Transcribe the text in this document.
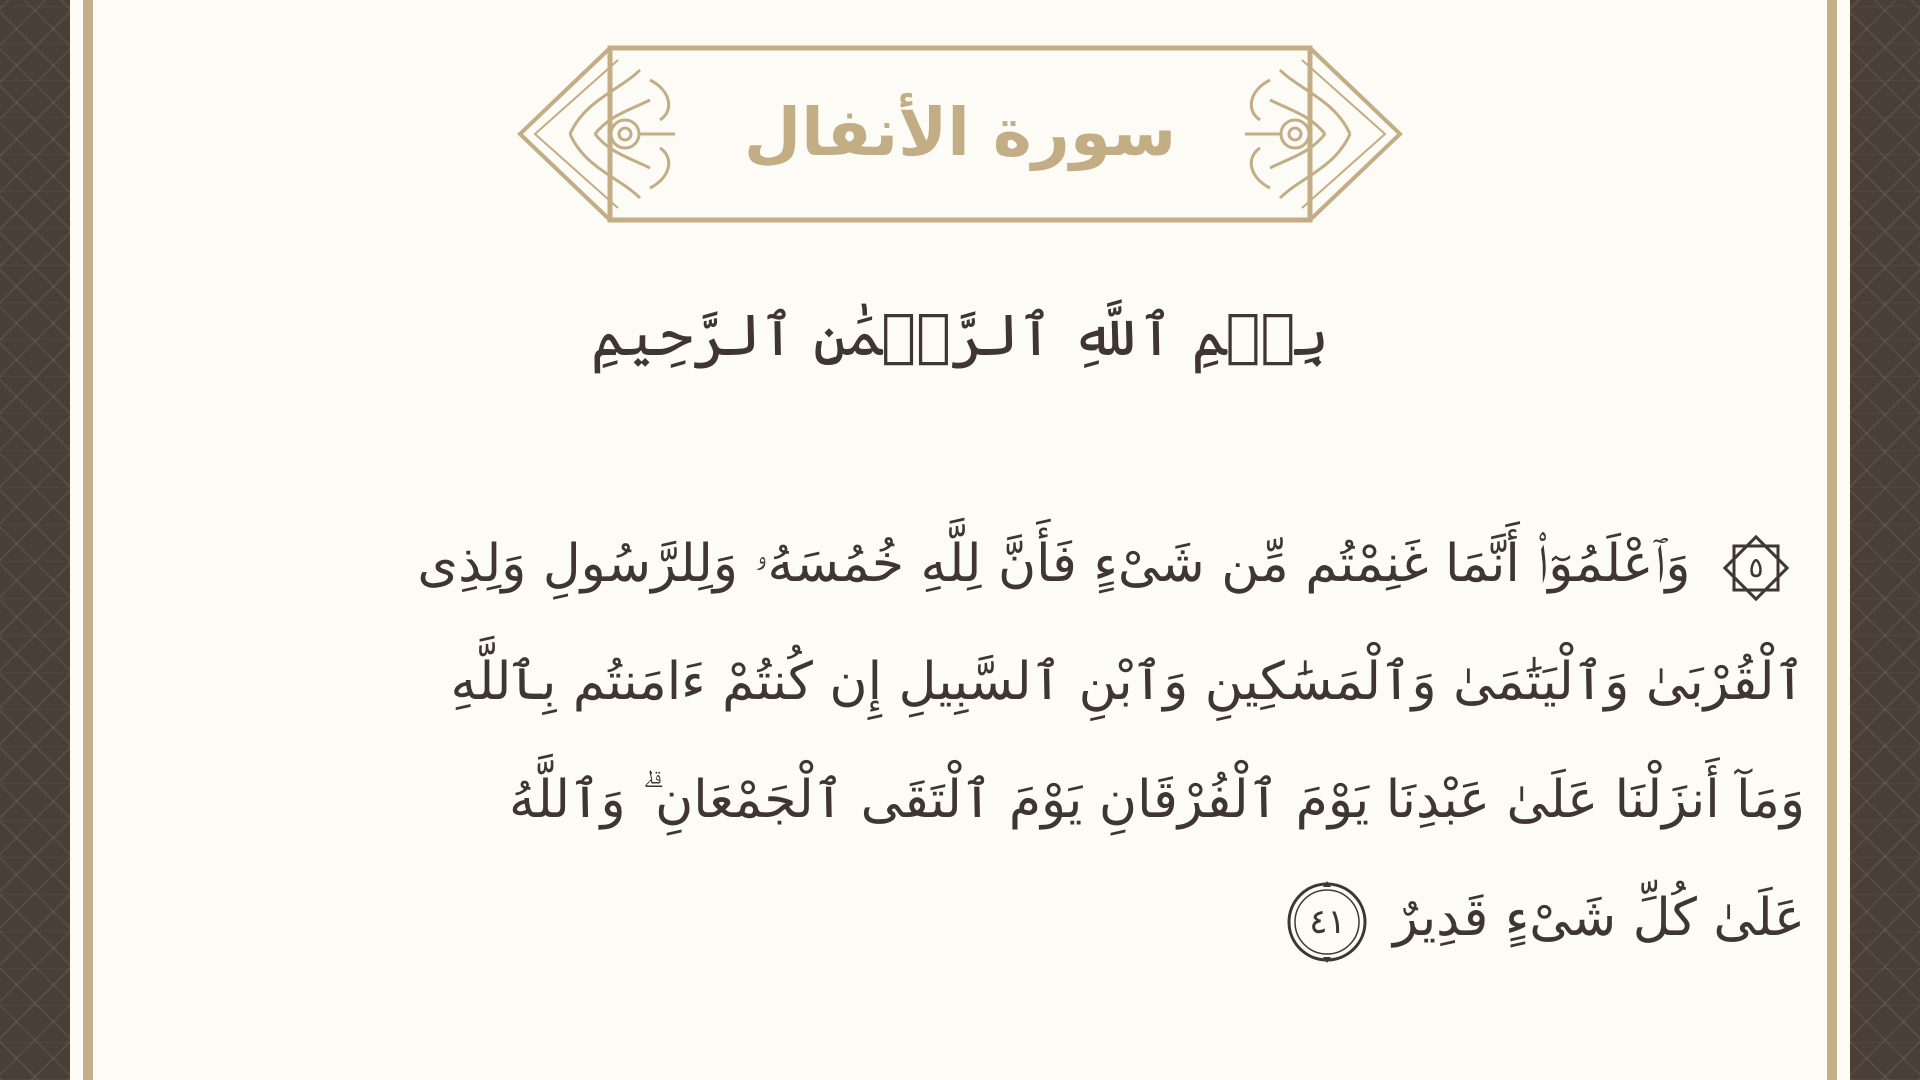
سورة الأنفال
بِسۡمِ ٱللَّهِ ٱلرَّحۡمَٰنِ ٱلرَّحِيمِ
٥
وَٱعْلَمُوٓا۟ أَنَّمَا غَنِمْتُم مِّن شَىْءٍ فَأَنَّ لِلَّهِ خُمُسَهُۥ وَلِلرَّسُولِ وَلِذِى
ٱلْقُرْبَىٰ وَٱلْيَتَٰمَىٰ وَٱلْمَسَٰكِينِ وَٱبْنِ ٱلسَّبِيلِ إِن كُنتُمْ ءَامَنتُم بِٱللَّهِ
وَمَآ أَنزَلْنَا عَلَىٰ عَبْدِنَا يَوْمَ ٱلْفُرْقَانِ يَوْمَ ٱلْتَقَى ٱلْجَمْعَانِ ۗ وَٱللَّهُ
عَلَىٰ كُلِّ شَىْءٍ قَدِيرٌ
٤١
